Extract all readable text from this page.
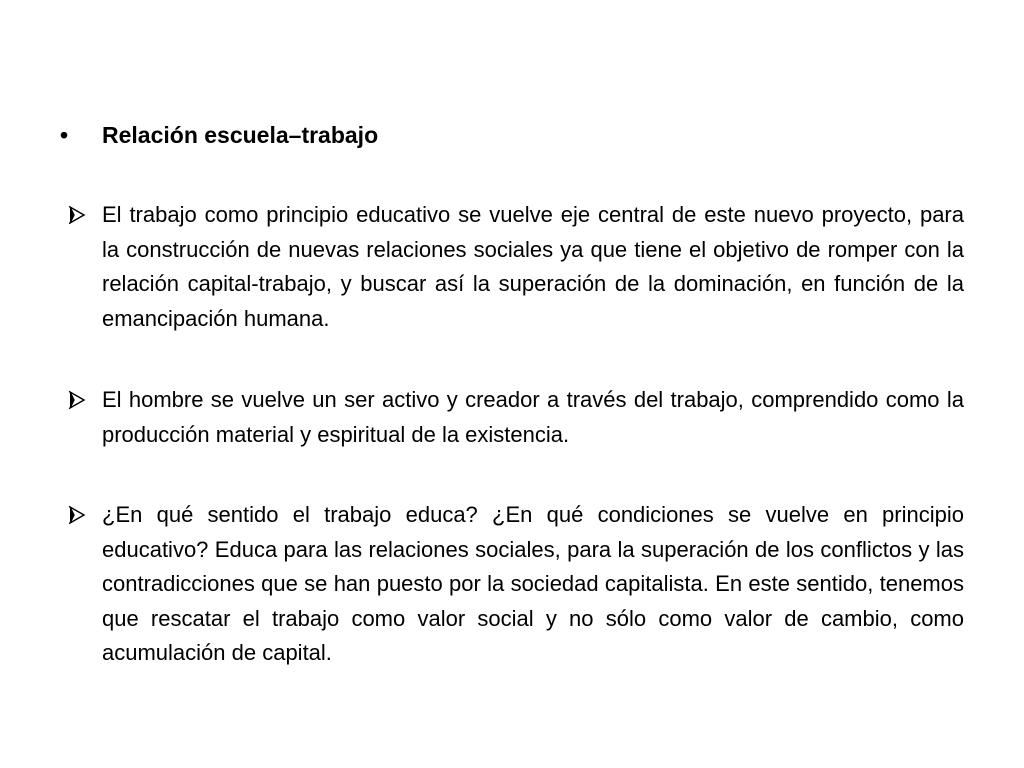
•	Relación escuela–trabajo
El trabajo como principio educativo se vuelve eje central de este nuevo proyecto, para la construcción de nuevas relaciones sociales ya que tiene el objetivo de romper con la relación capital-trabajo, y buscar así la superación de la dominación, en función de la emancipación humana.
El hombre se vuelve un ser activo y creador a través del trabajo, comprendido como la producción material y espiritual de la existencia.
¿En qué sentido el trabajo educa? ¿En qué condiciones se vuelve en principio educativo? Educa para las relaciones sociales, para la superación de los conflictos y las contradicciones que se han puesto por la sociedad capitalista. En este sentido, tenemos que rescatar el trabajo como valor social y no sólo como valor de cambio, como acumulación de capital.
